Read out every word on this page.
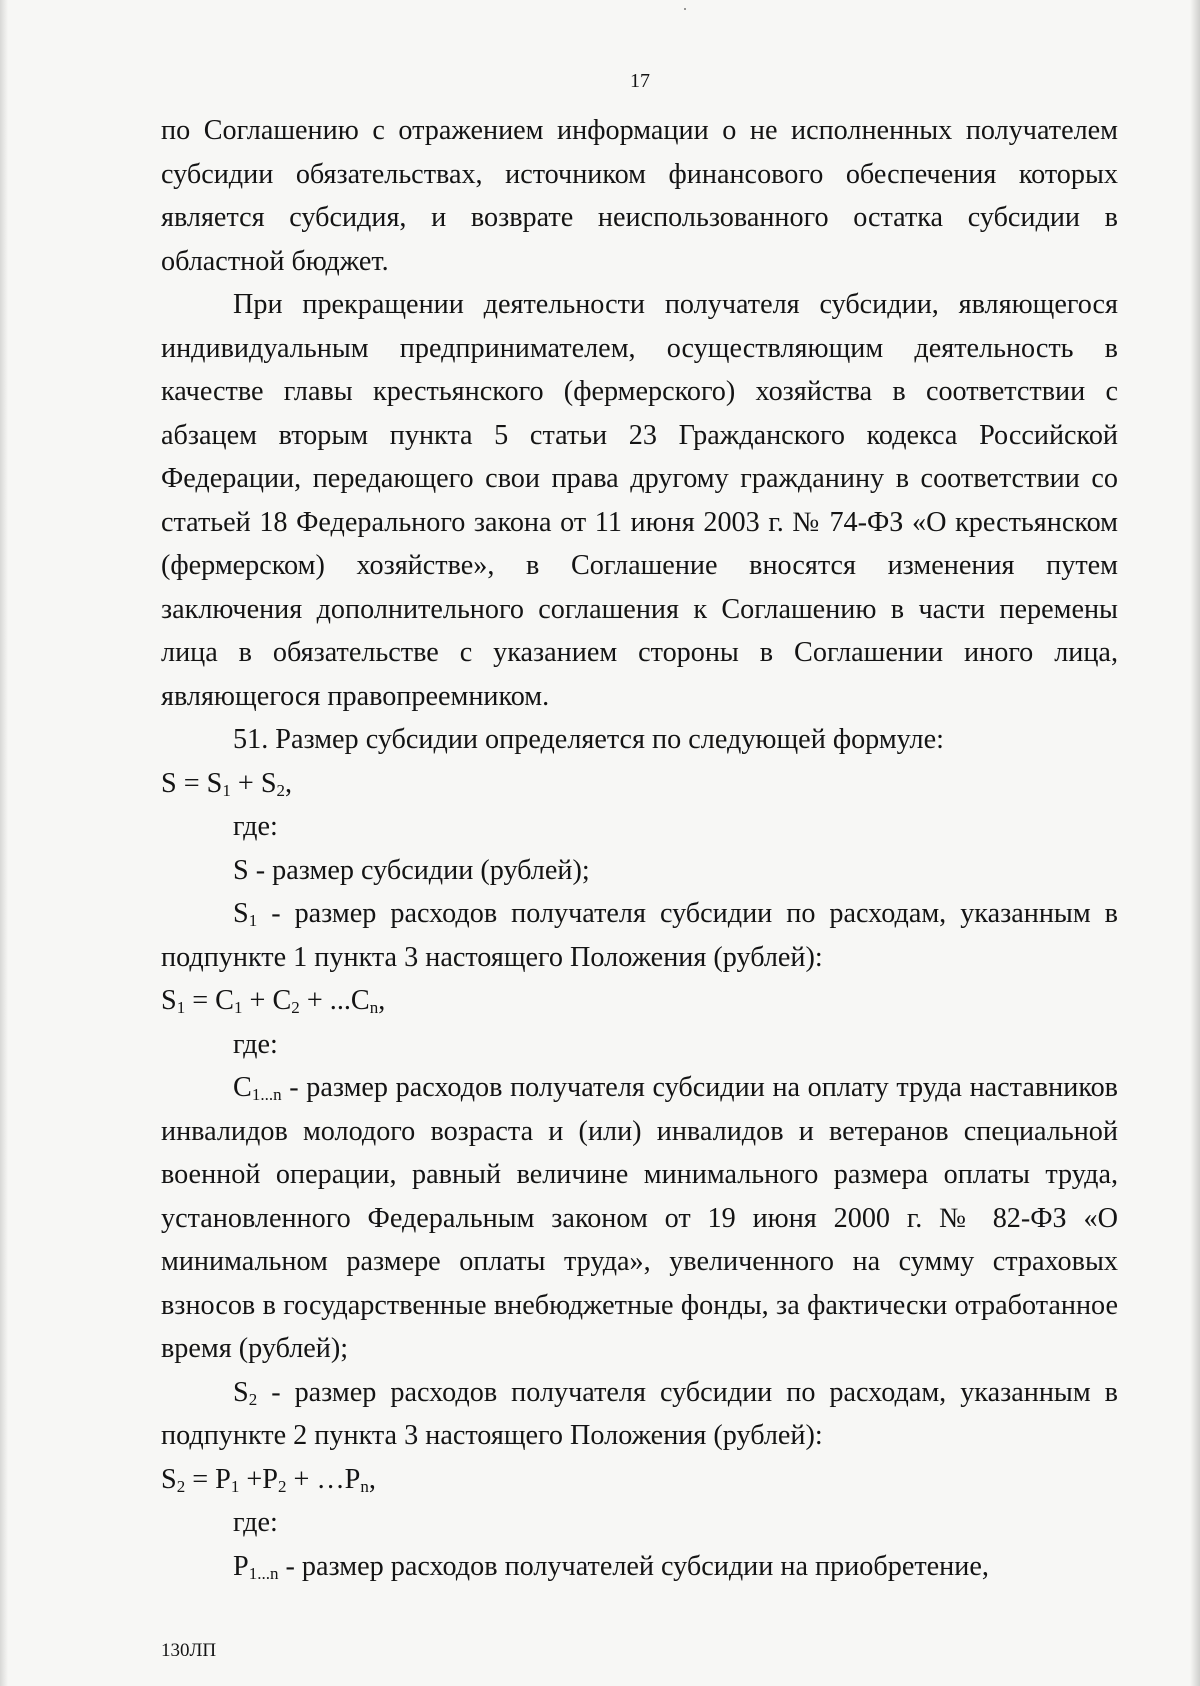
17

по Соглашению с отражением информации о не исполненных получателем субсидии обязательствах, источником финансового обеспечения которых является субсидия, и возврате неиспользованного остатка субсидии в областной бюджет.

При прекращении деятельности получателя субсидии, являющегося индивидуальным предпринимателем, осуществляющим деятельность в качестве главы крестьянского (фермерского) хозяйства в соответствии с абзацем вторым пункта 5 статьи 23 Гражданского кодекса Российской Федерации, передающего свои права другому гражданину в соответствии со статьей 18 Федерального закона от 11 июня 2003 г. № 74-ФЗ «О крестьянском (фермерском) хозяйстве», в Соглашение вносятся изменения путем заключения дополнительного соглашения к Соглашению в части перемены лица в обязательстве с указанием стороны в Соглашении иного лица, являющегося правопреемником.

51. Размер субсидии определяется по следующей формуле:

$S = S_1 + S_2$,

где:

S - размер субсидии (рублей);

$S_1$ - размер расходов получателя субсидии по расходам, указанным в подпункте 1 пункта 3 настоящего Положения (рублей):

$S_1 = C_1 + C_2 + ...C_n$,

где:

$C_{1...n}$ - размер расходов получателя субсидии на оплату труда наставников инвалидов молодого возраста и (или) инвалидов и ветеранов специальной военной операции, равный величине минимального размера оплаты труда, установленного Федеральным законом от 19 июня 2000 г. № 82-ФЗ «О минимальном размере оплаты труда», увеличенного на сумму страховых взносов в государственные внебюджетные фонды, за фактически отработанное время (рублей);

$S_2$ - размер расходов получателя субсидии по расходам, указанным в подпункте 2 пункта 3 настоящего Положения (рублей):

$S_2 = P_1 +P_2$ + $\dots P_n$,

где:

$P_{1...n}$ - размер расходов получателей субсидии на приобретение,

130ЛП
